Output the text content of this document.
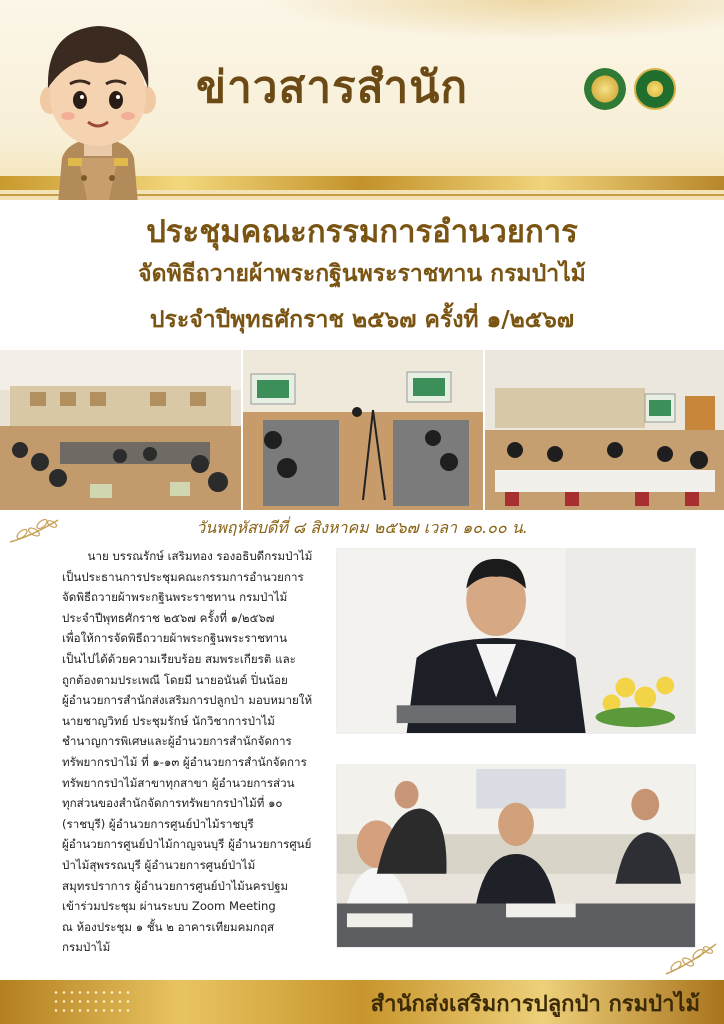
ข่าวสารสำนัก
ประชุมคณะกรรมการอำนวยการ
จัดพิธีถวายผ้าพระกฐินพระราชทาน กรมป่าไม้
ประจำปีพุทธศักราช ๒๕๖๗ ครั้งที่ ๑/๒๕๖๗
วันพฤหัสบดีที่ ๘ สิงหาคม ๒๕๖๗ เวลา ๑๐.๐๐ น.
นาย บรรณรักษ์ เสริมทอง รองอธิบดีกรมป่าไม้
เป็นประธานการประชุมคณะกรรมการอำนวยการ
จัดพิธีถวายผ้าพระกฐินพระราชทาน กรมป่าไม้
ประจำปีพุทธศักราช ๒๕๖๗ ครั้งที่ ๑/๒๕๖๗
เพื่อให้การจัดพิธีถวายผ้าพระกฐินพระราชทาน
เป็นไปได้ด้วยความเรียบร้อย สมพระเกียรติ และ
ถูกต้องตามประเพณี โดยมี นายอนันต์ ปิ่นน้อย
ผู้อำนวยการสำนักส่งเสริมการปลูกป่า มอบหมายให้
นายชาญวิทย์ ประชุมรักษ์ นักวิชาการป่าไม้
ชำนาญการพิเศษและผู้อำนวยการสำนักจัดการ
ทรัพยากรป่าไม้ ที่ ๑-๑๓ ผู้อำนวยการสำนักจัดการ
ทรัพยากรป่าไม้สาขาทุกสาขา ผู้อำนวยการส่วน
ทุกส่วนของสำนักจัดการทรัพยากรป่าไม้ที่ ๑๐
(ราชบุรี) ผู้อำนวยการศูนย์ป่าไม้ราชบุรี
ผู้อำนวยการศูนย์ป่าไม้กาญจนบุรี ผู้อำนวยการศูนย์
ป่าไม้สุพรรณบุรี ผู้อำนวยการศูนย์ป่าไม้
สมุทรปราการ ผู้อำนวยการศูนย์ป่าไม้นครปฐม
เข้าร่วมประชุม ผ่านระบบ Zoom Meeting
ณ ห้องประชุม ๑ ชั้น ๒ อาคารเทียมคมกฤส
กรมป่าไม้
สำนักส่งเสริมการปลูกป่า กรมป่าไม้
